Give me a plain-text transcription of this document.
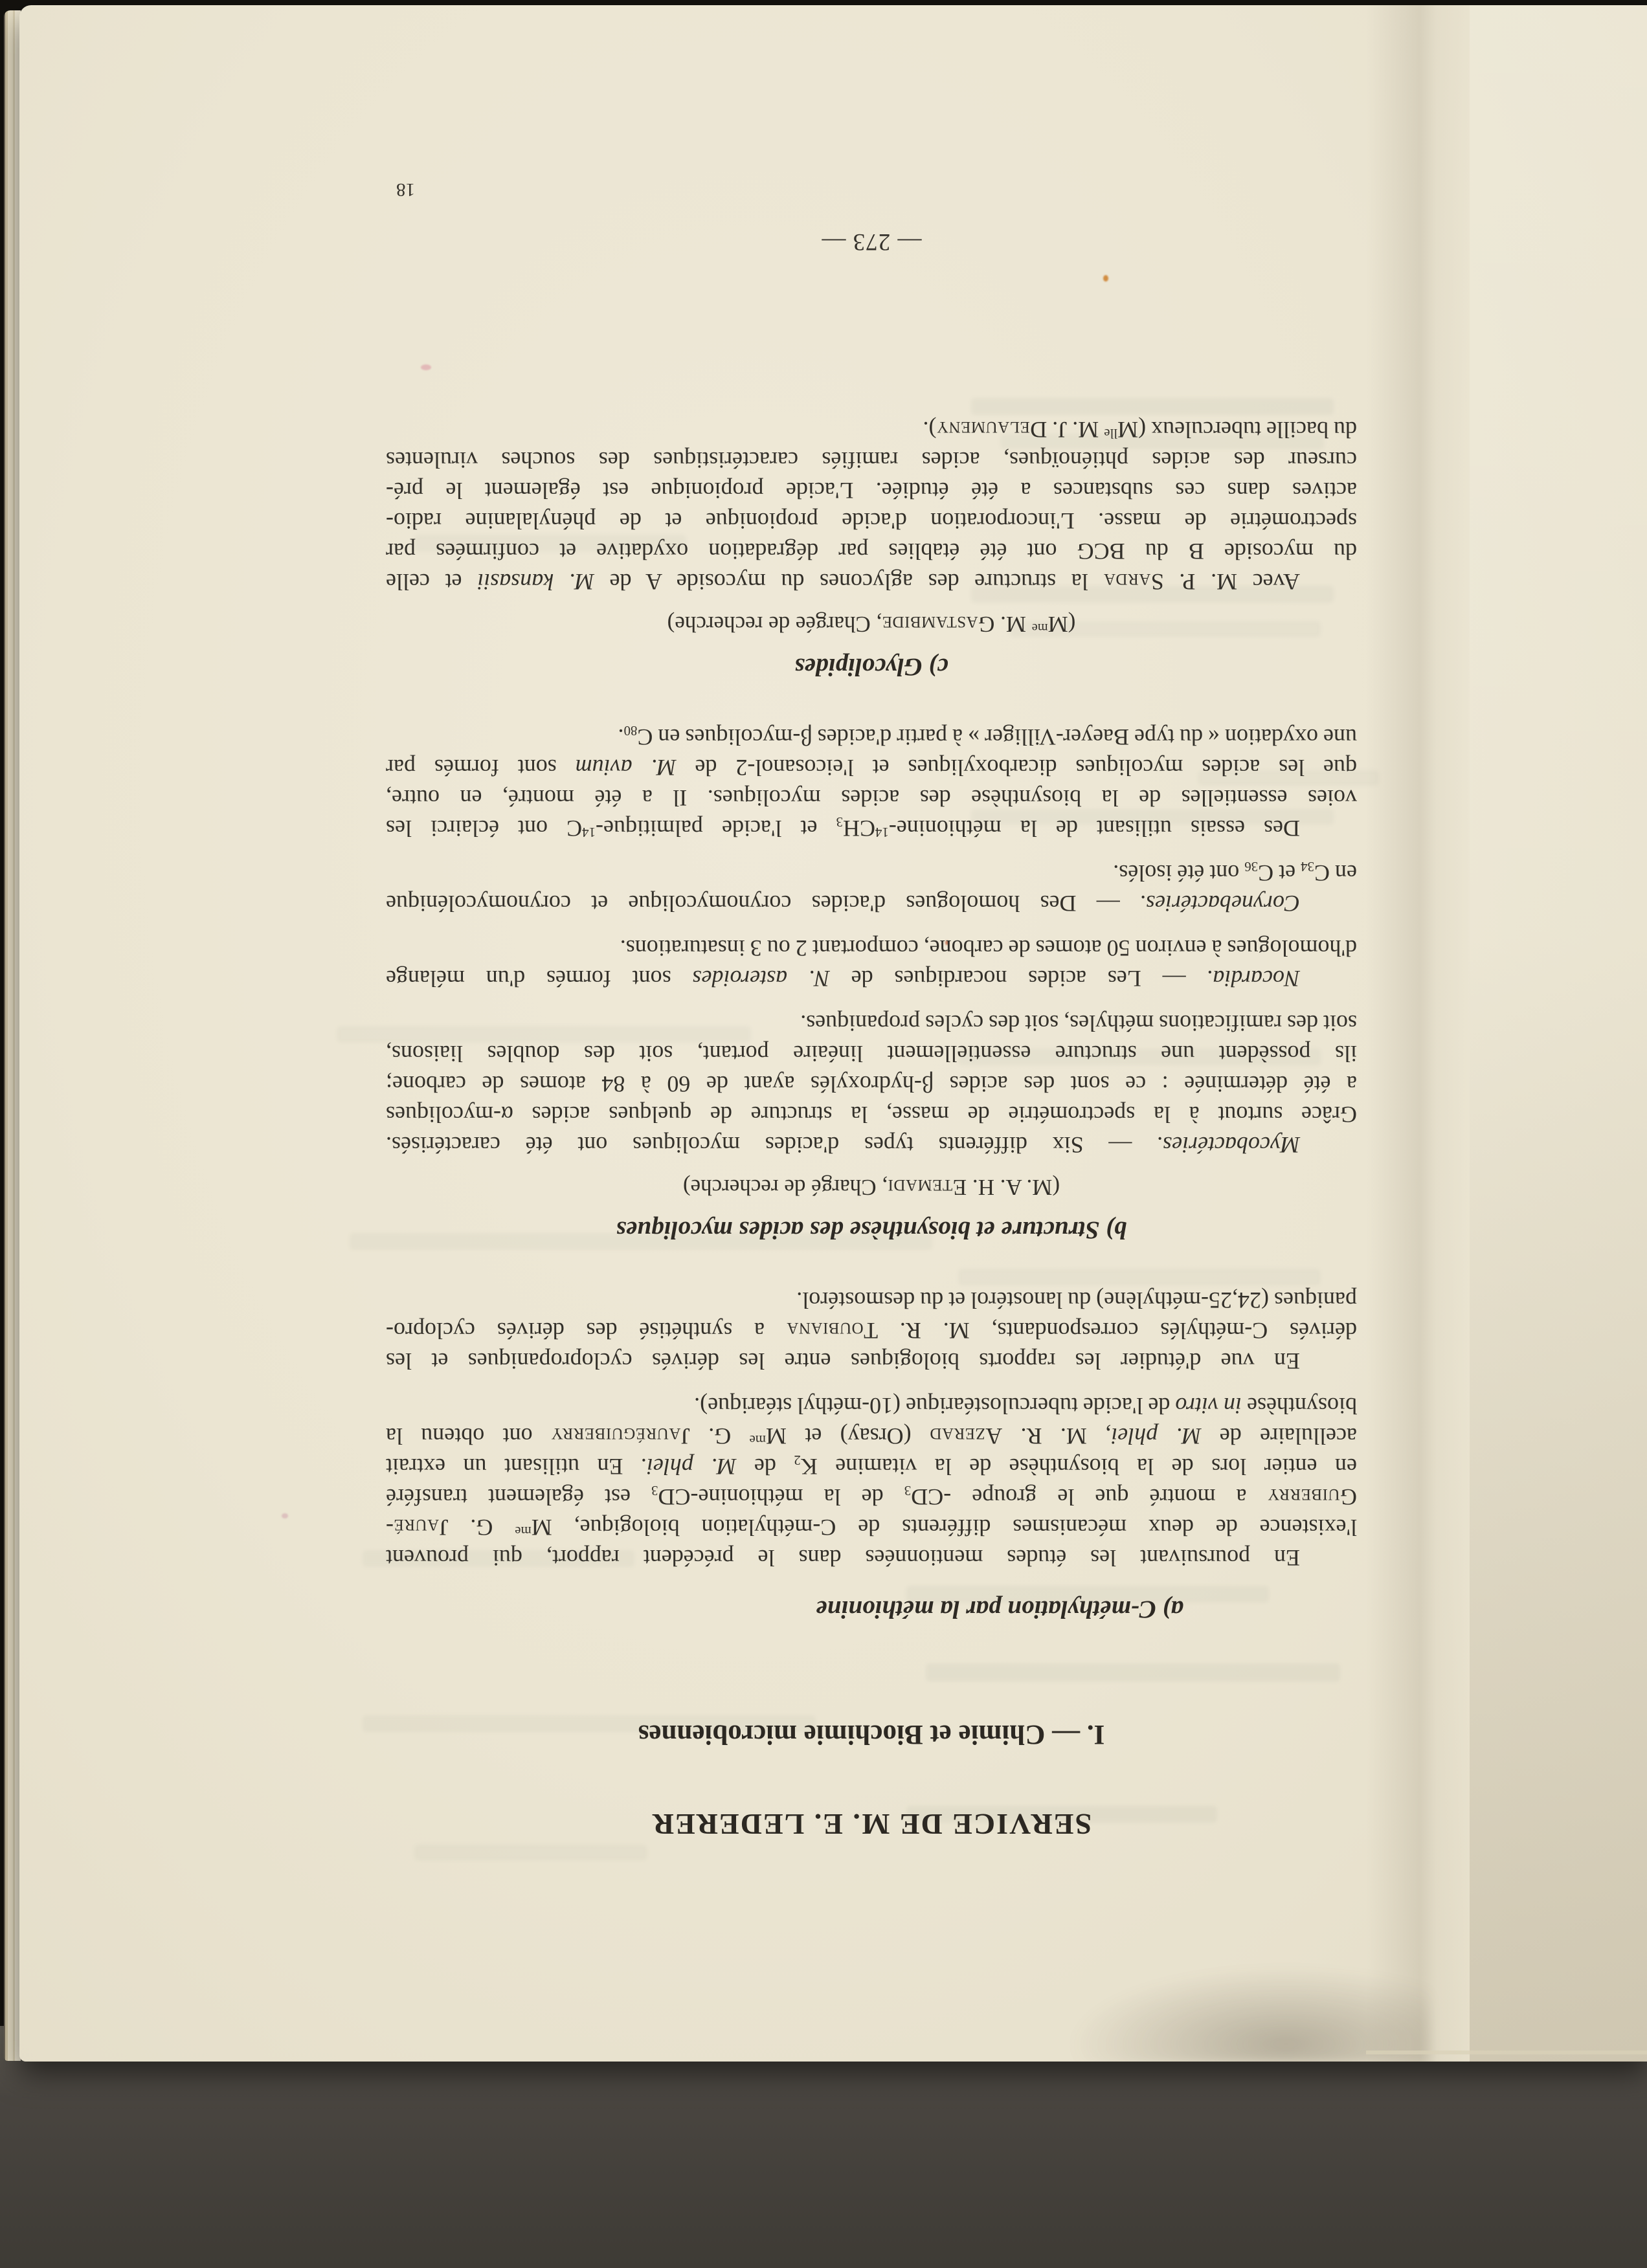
SERVICE DE M. E. LEDERER
I. — Chimie et Biochimie microbiennes
a) C-méthylation par la méthionine
En poursuivant les études mentionnées dans le précédent rapport, qui prouvent
l'existence de deux mécanismes différents de C-méthylation biologique, $M^{me}$ G. Jauré-
Guiberry a montré que le groupe $-CD_3$ de la méthionine-$CD_3$ est également transféré
en entier lors de la biosynthèse de la vitamine $K_2$ de M. phlei. En utilisant un extrait
acellulaire de M. phlei, M. R. Azerad (Orsay) et $M^{me}$ G. Jauréguiberry ont obtenu la
biosynthèse in vitro de l'acide tuberculostéarique (10-méthyl stéarique).
En vue d'étudier les rapports biologiques entre les dérivés cyclopropaniques et les
dérivés C-méthylés correspondants, M. R. Toubiana a synthétisé des dérivés cyclopro-
paniques (24,25-méthylène) du lanostérol et du desmostérol.
b) Structure et biosynthèse des acides mycoliques
(M. A. H. Etemadi, Chargé de recherche)
Mycobactéries. — Six différents types d'acides mycoliques ont été caractérisés.
Grâce surtout à la spectrométrie de masse, la structure de quelques acides α-mycoliques
a été déterminée : ce sont des acides β-hydroxylés ayant de 60 à 84 atomes de carbone;
ils possèdent une structure essentiellement linéaire portant, soit des doubles liaisons,
soit des ramifications méthyles, soit des cycles propaniques.
Nocardia. — Les acides nocardiques de N. asteroides sont formés d'un mélange
d'homologues à environ 50 atomes de carbone, comportant 2 ou 3 insaturations.
Corynebactéries. — Des homologues d'acides corynomycolique et corynomycolénique
en $C_{34}$ et $C_{36}$ ont été isolés.
Des essais utilisant de la méthionine-$^{14}CH_3$ et l'acide palmitique-$^{14}$C ont éclairci les
voies essentielles de la biosynthèse des acides mycoliques. Il a été montré, en outre,
que les acides mycoliques dicarboxyliques et l'eicosanol-2 de M. avium sont formés par
une oxydation « du type Baeyer-Villiger » à partir d'acides β-mycoliques en $C_{80}$.
c) Glycolipides
($M^{me}$ M. Gastambide, Chargée de recherche)
Avec M. P. Sarda la structure des aglycones du mycoside A de M. kansasii et celle
du mycoside B du BCG ont été établies par dégradation oxydative et confirmées par
spectrométrie de masse. L'incorporation d'acide propionique et de phénylalanine radio-
actives dans ces substances a été étudiée. L'acide propionique est également le pré-
curseur des acides phtiénoïques, acides ramifiés caractéristiques des souches virulentes
du bacille tuberculeux ($M^{lle}$ M. J. Delaumeny).
— 273 —
18
